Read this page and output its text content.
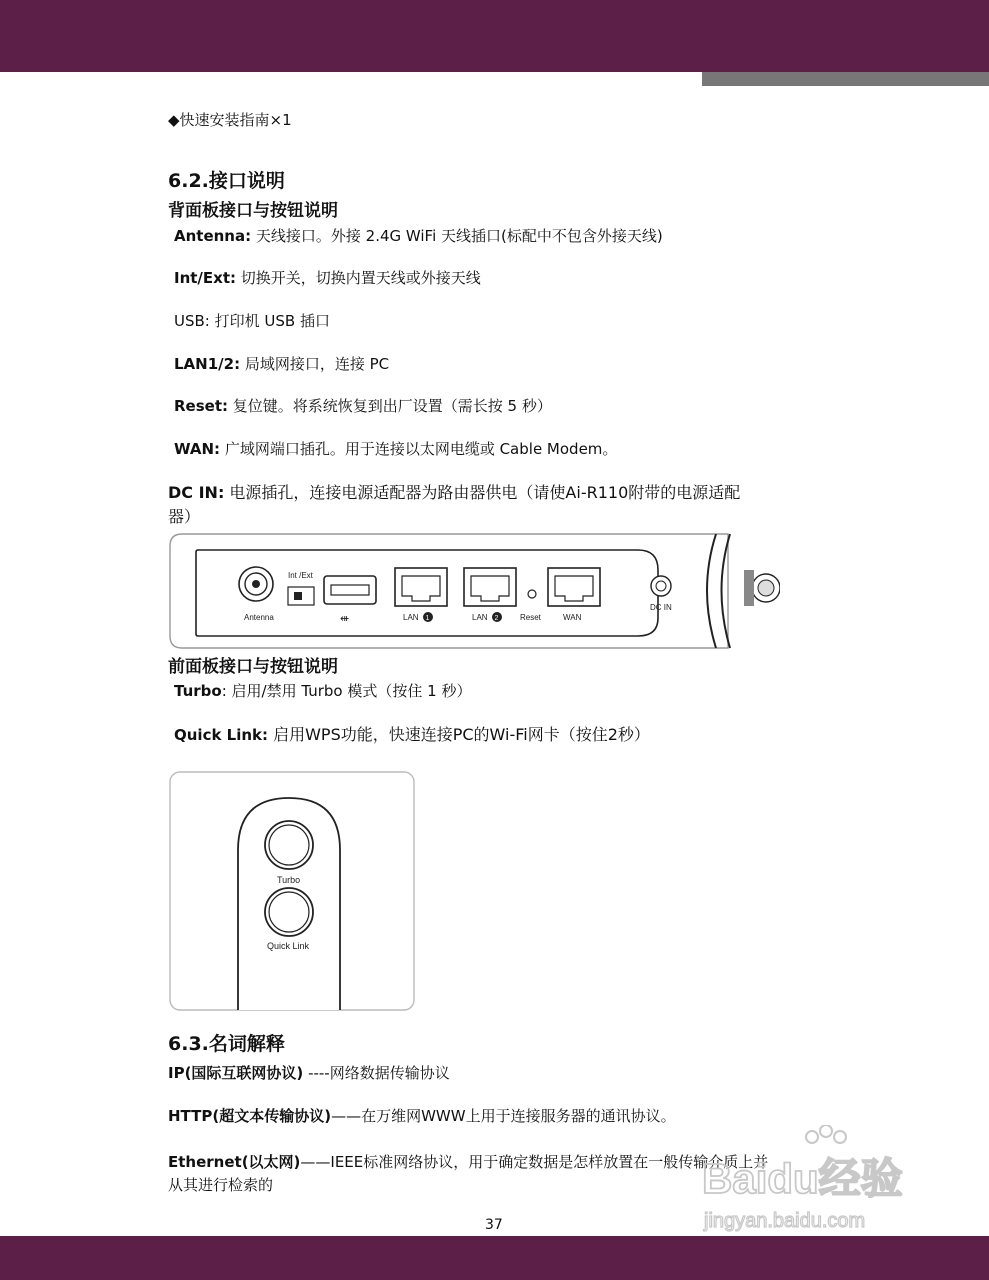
◆快速安装指南×1
6.2.接口说明
背面板接口与按钮说明
Antenna: 天线接口。外接 2.4G WiFi 天线插口(标配中不包含外接天线)
Int/Ext: 切换开关，切换内置天线或外接天线
USB: 打印机 USB 插口
LAN1/2: 局域网接口，连接 PC
Reset: 复位键。将系统恢复到出厂设置（需长按 5 秒）
WAN: 广域网端口插孔。用于连接以太网电缆或 Cable Modem。
DC IN: 电源插孔，连接电源适配器为路由器供电（请使Ai-R110附带的电源适配
器）
Antenna
Int /Ext
⇺	LAN 1	LAN 2	Reset	WAN
DC IN
前面板接口与按钮说明
Turbo: 启用/禁用 Turbo 模式（按住 1 秒）
Quick Link: 启用WPS功能，快速连接PC的Wi-Fi网卡（按住2秒）
Turbo
Quick Link
6.3.名词解释
IP(国际互联网协议) ----网络数据传输协议
HTTP(超文本传输协议)——在万维网WWW上用于连接服务器的通讯协议。
Ethernet(以太网)——IEEE标准网络协议，用于确定数据是怎样放置在一般传输介质上并
从其进行检索的	Baidu经验
jingyan.baidu.com
37
